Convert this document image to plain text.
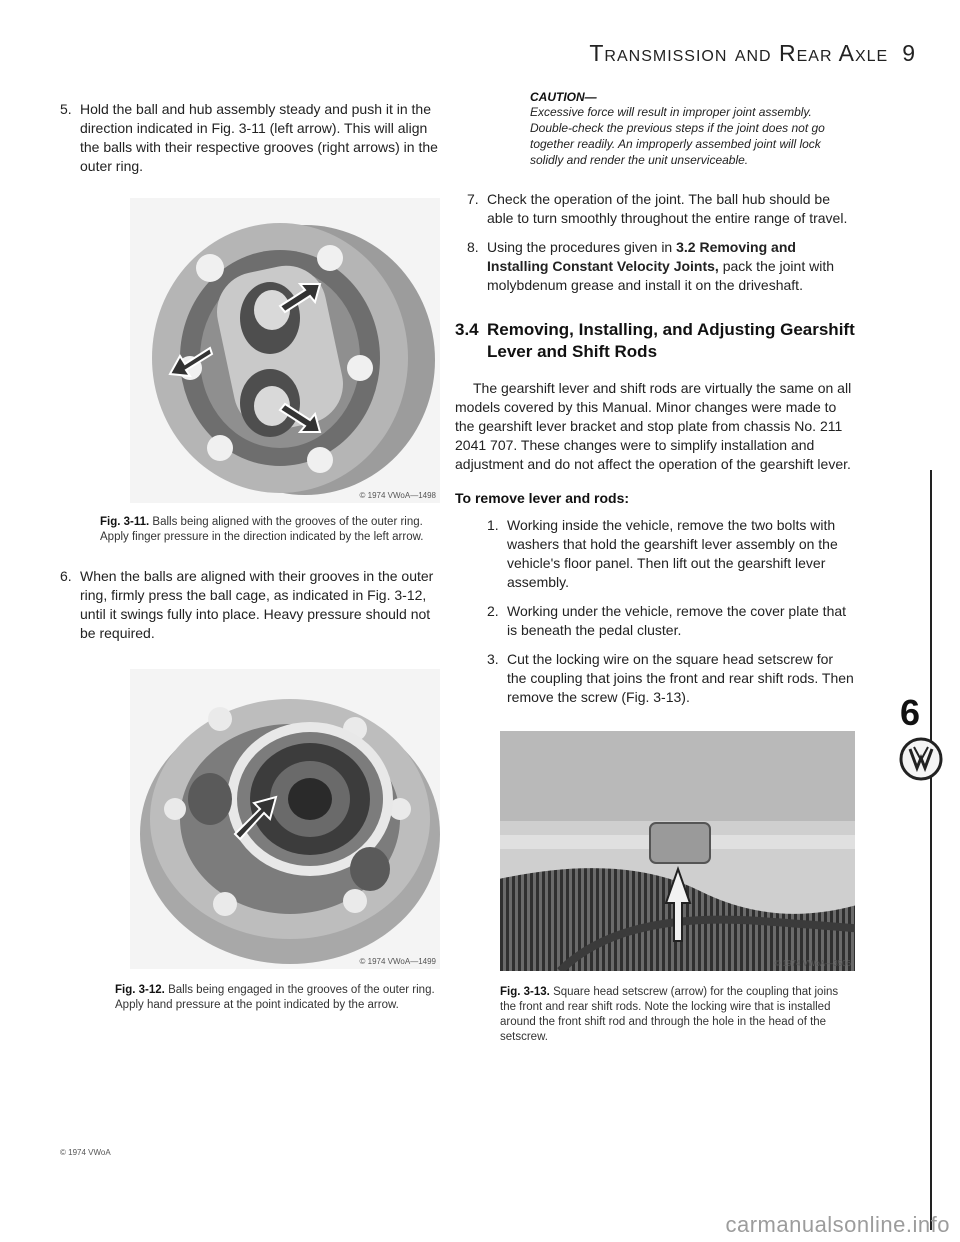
Transmission and Rear Axle 9
5. Hold the ball and hub assembly steady and push it in the direction indicated in Fig. 3-11 (left arrow). This will align the balls with their respective grooves (right arrows) in the outer ring.
© 1974 VWoA—1498

Fig. 3-11. Balls being aligned with the grooves of the outer ring. Apply finger pressure in the direction indicated by the left arrow.

6. When the balls are aligned with their grooves in the outer ring, firmly press the ball cage, as indicated in Fig. 3-12, until it swings fully into place. Heavy pressure should not be required.
© 1974 VWoA—1499

Fig. 3-12. Balls being engaged in the grooves of the outer ring. Apply hand pressure at the point indicated by the arrow.

© 1974 VWoA
CAUTION—
Excessive force will result in improper joint assembly. Double-check the previous steps if the joint does not go together readily. An improperly assembed joint will lock solidly and render the unit unserviceable.
7. Check the operation of the joint. The ball hub should be able to turn smoothly throughout the entire range of travel.
8. Using the procedures given in 3.2 Removing and Installing Constant Velocity Joints, pack the joint with molybdenum grease and install it on the driveshaft.
3.4 Removing, Installing, and Adjusting Gearshift Lever and Shift Rods
The gearshift lever and shift rods are virtually the same on all models covered by this Manual. Minor changes were made to the gearshift lever bracket and stop plate from chassis No. 211 2041 707. These changes were to simplify installation and adjustment and do not affect the operation of the gearshift lever.
To remove lever and rods:
1. Working inside the vehicle, remove the two bolts with washers that hold the gearshift lever assembly on the vehicle's floor panel. Then lift out the gearshift lever assembly.
2. Working under the vehicle, remove the cover plate that is beneath the pedal cluster.
3. Cut the locking wire on the square head setscrew for the coupling that joins the front and rear shift rods. Then remove the screw (Fig. 3-13).
© 1974 VWoA—3506

Fig. 3-13. Square head setscrew (arrow) for the coupling that joins the front and rear shift rods. Note the locking wire that is installed around the front shift rod and through the hole in the head of the setscrew.

6
carmanualsonline.info
